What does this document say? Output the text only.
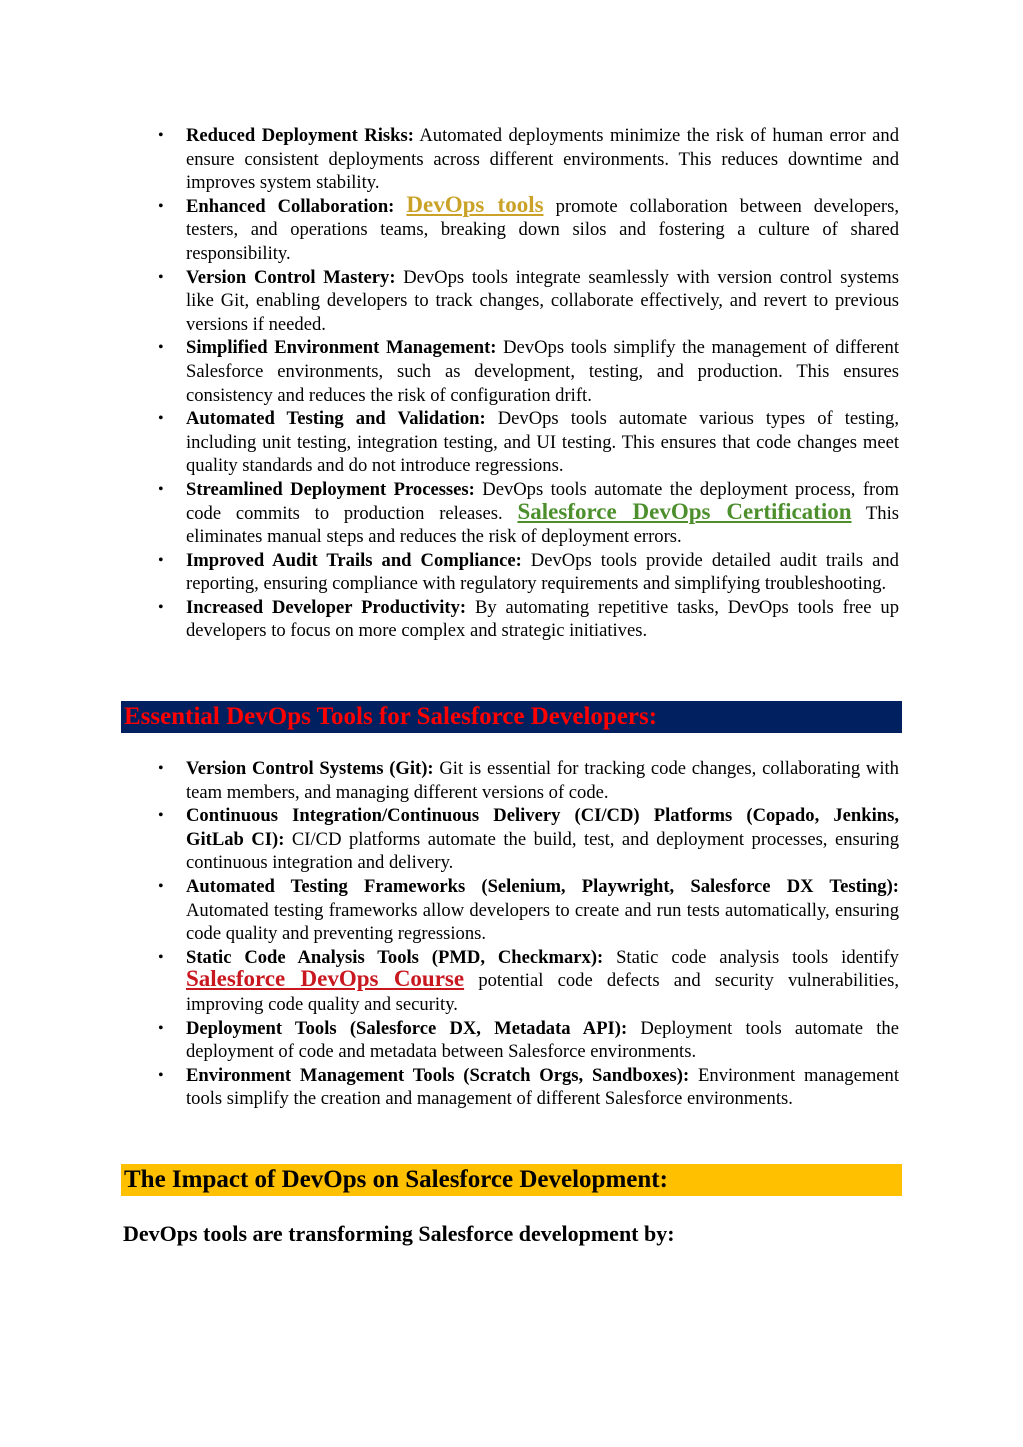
• Reduced Deployment Risks: Automated deployments minimize the risk of human error and ensure consistent deployments across different environments. This reduces downtime and improves system stability.
• Enhanced Collaboration: DevOps tools promote collaboration between developers, testers, and operations teams, breaking down silos and fostering a culture of shared responsibility.
• Version Control Mastery: DevOps tools integrate seamlessly with version control systems like Git, enabling developers to track changes, collaborate effectively, and revert to previous versions if needed.
• Simplified Environment Management: DevOps tools simplify the management of different Salesforce environments, such as development, testing, and production. This ensures consistency and reduces the risk of configuration drift.
• Automated Testing and Validation: DevOps tools automate various types of testing, including unit testing, integration testing, and UI testing. This ensures that code changes meet quality standards and do not introduce regressions.
• Streamlined Deployment Processes: DevOps tools automate the deployment process, from code commits to production releases. Salesforce DevOps Certification This eliminates manual steps and reduces the risk of deployment errors.
• Improved Audit Trails and Compliance: DevOps tools provide detailed audit trails and reporting, ensuring compliance with regulatory requirements and simplifying troubleshooting.
• Increased Developer Productivity: By automating repetitive tasks, DevOps tools free up developers to focus on more complex and strategic initiatives.
Essential DevOps Tools for Salesforce Developers:
• Version Control Systems (Git): Git is essential for tracking code changes, collaborating with team members, and managing different versions of code.
• Continuous Integration/Continuous Delivery (CI/CD) Platforms (Copado, Jenkins, GitLab CI): CI/CD platforms automate the build, test, and deployment processes, ensuring continuous integration and delivery.
• Automated Testing Frameworks (Selenium, Playwright, Salesforce DX Testing): Automated testing frameworks allow developers to create and run tests automatically, ensuring code quality and preventing regressions.
• Static Code Analysis Tools (PMD, Checkmarx): Static code analysis tools identify Salesforce DevOps Course potential code defects and security vulnerabilities, improving code quality and security.
• Deployment Tools (Salesforce DX, Metadata API): Deployment tools automate the deployment of code and metadata between Salesforce environments.
• Environment Management Tools (Scratch Orgs, Sandboxes): Environment management tools simplify the creation and management of different Salesforce environments.
The Impact of DevOps on Salesforce Development:
DevOps tools are transforming Salesforce development by:
